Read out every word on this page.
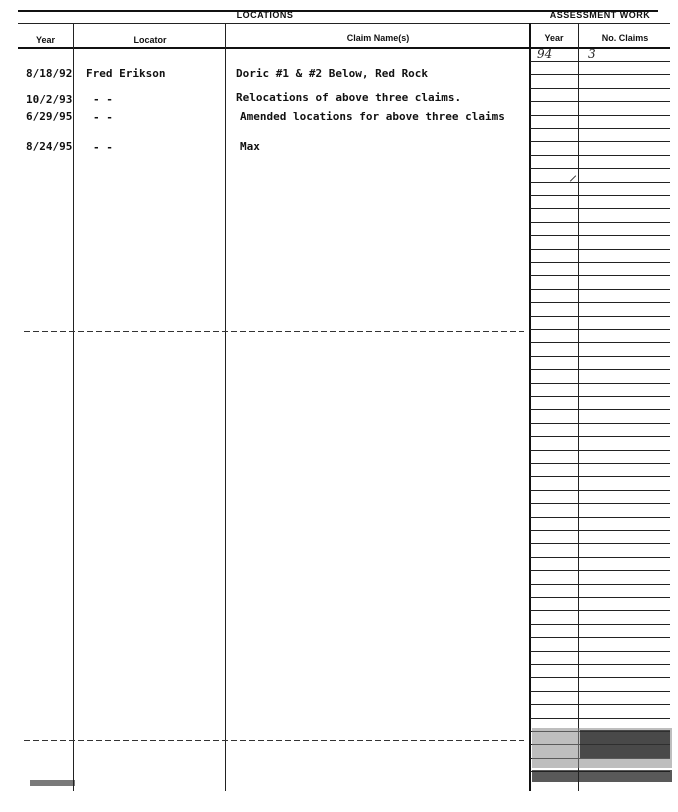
LOCATIONS	ASSESSMENT WORK
Year	Locator	Claim Name(s)	Year	No. Claims
8/18/92 Fred Erikson	Doric #1 & #2 Below, Red Rock
10/2/93 - -	Relocations of above three claims.
6/29/95 - -	Amended locations for above three claims
8/24/95 - -	Max
94	3
